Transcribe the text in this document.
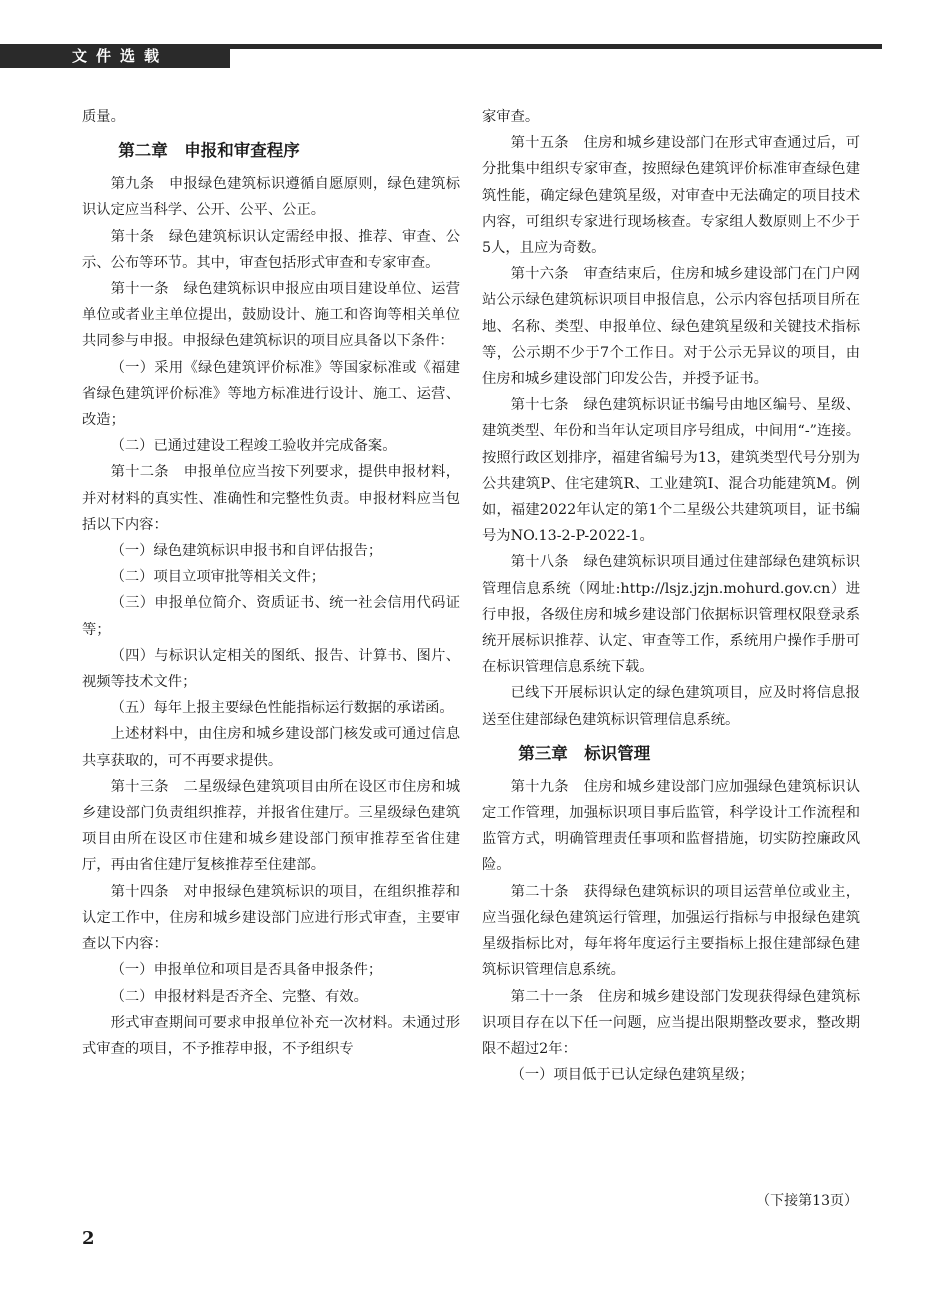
文件选载

质量。

第二章　申报和审查程序

第九条　申报绿色建筑标识遵循自愿原则，绿色建筑标识认定应当科学、公开、公平、公正。

第十条　绿色建筑标识认定需经申报、推荐、审查、公示、公布等环节。其中，审查包括形式审查和专家审查。

第十一条　绿色建筑标识申报应由项目建设单位、运营单位或者业主单位提出，鼓励设计、施工和咨询等相关单位共同参与申报。申报绿色建筑标识的项目应具备以下条件：

（一）采用《绿色建筑评价标准》等国家标准或《福建省绿色建筑评价标准》等地方标准进行设计、施工、运营、改造；

（二）已通过建设工程竣工验收并完成备案。

第十二条　申报单位应当按下列要求，提供申报材料，并对材料的真实性、准确性和完整性负责。申报材料应当包括以下内容：

（一）绿色建筑标识申报书和自评估报告；

（二）项目立项审批等相关文件；

（三）申报单位简介、资质证书、统一社会信用代码证等；

（四）与标识认定相关的图纸、报告、计算书、图片、视频等技术文件；

（五）每年上报主要绿色性能指标运行数据的承诺函。

上述材料中，由住房和城乡建设部门核发或可通过信息共享获取的，可不再要求提供。

第十三条　二星级绿色建筑项目由所在设区市住房和城乡建设部门负责组织推荐，并报省住建厅。三星级绿色建筑项目由所在设区市住建和城乡建设部门预审推荐至省住建厅，再由省住建厅复核推荐至住建部。

第十四条　对申报绿色建筑标识的项目，在组织推荐和认定工作中，住房和城乡建设部门应进行形式审查，主要审查以下内容：

（一）申报单位和项目是否具备申报条件；

（二）申报材料是否齐全、完整、有效。

形式审查期间可要求申报单位补充一次材料。未通过形式审查的项目，不予推荐申报，不予组织专

家审查。

第十五条　住房和城乡建设部门在形式审查通过后，可分批集中组织专家审查，按照绿色建筑评价标准审查绿色建筑性能，确定绿色建筑星级，对审查中无法确定的项目技术内容，可组织专家进行现场核查。专家组人数原则上不少于5人，且应为奇数。

第十六条　审查结束后，住房和城乡建设部门在门户网站公示绿色建筑标识项目申报信息，公示内容包括项目所在地、名称、类型、申报单位、绿色建筑星级和关键技术指标等，公示期不少于7个工作日。对于公示无异议的项目，由住房和城乡建设部门印发公告，并授予证书。

第十七条　绿色建筑标识证书编号由地区编号、星级、建筑类型、年份和当年认定项目序号组成，中间用“-”连接。按照行政区划排序，福建省编号为13，建筑类型代号分别为公共建筑P、住宅建筑R、工业建筑I、混合功能建筑M。例如，福建2022年认定的第1个二星级公共建筑项目，证书编号为NO.13-2-P-2022-1。

第十八条　绿色建筑标识项目通过住建部绿色建筑标识管理信息系统（网址:http://lsjz.jzjn.mohurd.gov.cn）进行申报，各级住房和城乡建设部门依据标识管理权限登录系统开展标识推荐、认定、审查等工作，系统用户操作手册可在标识管理信息系统下载。

已线下开展标识认定的绿色建筑项目，应及时将信息报送至住建部绿色建筑标识管理信息系统。

第三章　标识管理

第十九条　住房和城乡建设部门应加强绿色建筑标识认定工作管理，加强标识项目事后监管，科学设计工作流程和监管方式，明确管理责任事项和监督措施，切实防控廉政风险。

第二十条　获得绿色建筑标识的项目运营单位或业主，应当强化绿色建筑运行管理，加强运行指标与申报绿色建筑星级指标比对，每年将年度运行主要指标上报住建部绿色建筑标识管理信息系统。

第二十一条　住房和城乡建设部门发现获得绿色建筑标识项目存在以下任一问题，应当提出限期整改要求，整改期限不超过2年：

（一）项目低于已认定绿色建筑星级；

（下接第13页）
2
